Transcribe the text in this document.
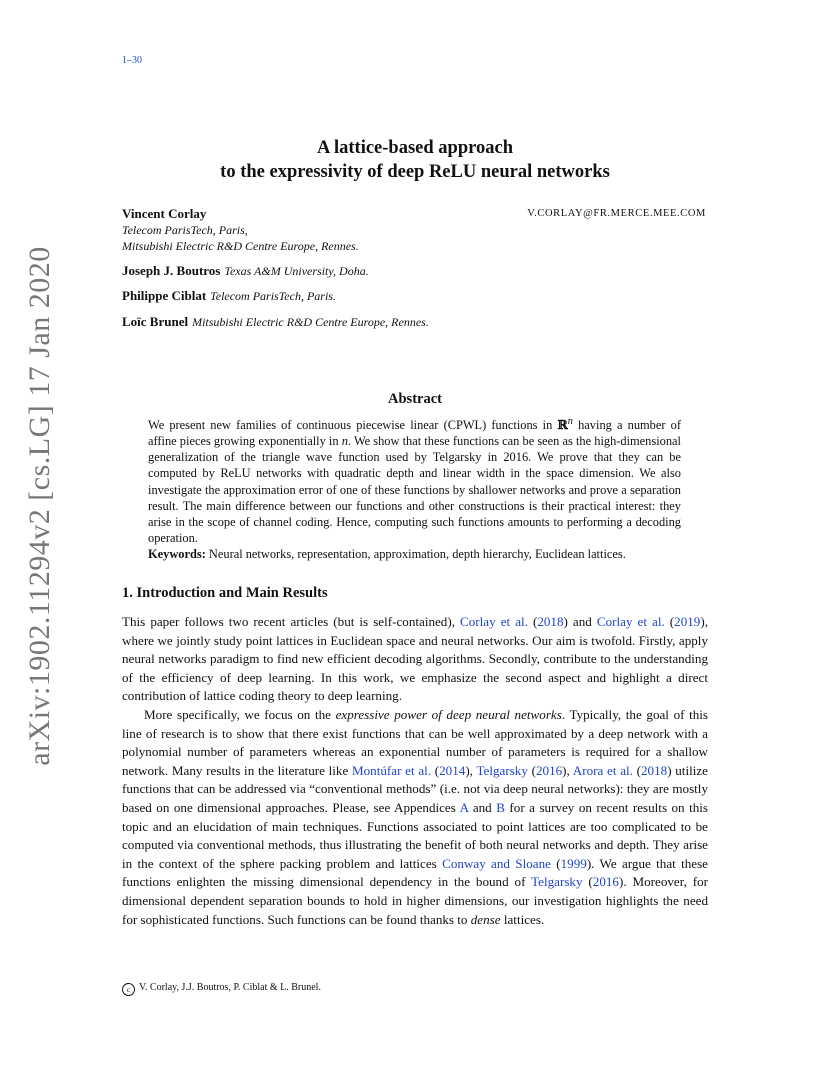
1–30
arXiv:1902.11294v2 [cs.LG] 17 Jan 2020
A lattice-based approach
to the expressivity of deep ReLU neural networks
Vincent Corlay
Telecom ParisTech, Paris,
Mitsubishi Electric R&D Centre Europe, Rennes.
V.CORLAY@FR.MERCE.MEE.COM
Joseph J. Boutros Texas A&M University, Doha.
Philippe Ciblat Telecom ParisTech, Paris.
Loïc Brunel Mitsubishi Electric R&D Centre Europe, Rennes.
Abstract

We present new families of continuous piecewise linear (CPWL) functions in ℝ$^n$ having a number of affine pieces growing exponentially in n. We show that these functions can be seen as the high-dimensional generalization of the triangle wave function used by Telgarsky in 2016. We prove that they can be computed by ReLU networks with quadratic depth and linear width in the space dimension. We also investigate the approximation error of one of these functions by shallower networks and prove a separation result. The main difference between our functions and other constructions is their practical interest: they arise in the scope of channel coding. Hence, computing such functions amounts to performing a decoding operation.

Keywords: Neural networks, representation, approximation, depth hierarchy, Euclidean lattices.

1. Introduction and Main Results

This paper follows two recent articles (but is self-contained), Corlay et al. (2018) and Corlay et al. (2019), where we jointly study point lattices in Euclidean space and neural networks. Our aim is twofold. Firstly, apply neural networks paradigm to find new efficient decoding algorithms. Secondly, contribute to the understanding of the efficiency of deep learning. In this work, we emphasize the second aspect and highlight a direct contribution of lattice coding theory to deep learning.

More specifically, we focus on the expressive power of deep neural networks. Typically, the goal of this line of research is to show that there exist functions that can be well approximated by a deep network with a polynomial number of parameters whereas an exponential number of parameters is required for a shallow network. Many results in the literature like Montúfar et al. (2014), Telgarsky (2016), Arora et al. (2018) utilize functions that can be addressed via “conventional methods” (i.e. not via deep neural networks): they are mostly based on one dimensional approaches. Please, see Appendices A and B for a survey on recent results on this topic and an elucidation of main techniques. Functions associated to point lattices are too complicated to be computed via conventional methods, thus illustrating the benefit of both neural networks and depth. They arise in the context of the sphere packing problem and lattices Conway and Sloane (1999). We argue that these functions enlighten the missing dimensional dependency in the bound of Telgarsky (2016). Moreover, for dimensional dependent separation bounds to hold in higher dimensions, our investigation highlights the need for sophisticated functions. Such functions can be found thanks to dense lattices.

c V. Corlay, J.J. Boutros, P. Ciblat & L. Brunel.
